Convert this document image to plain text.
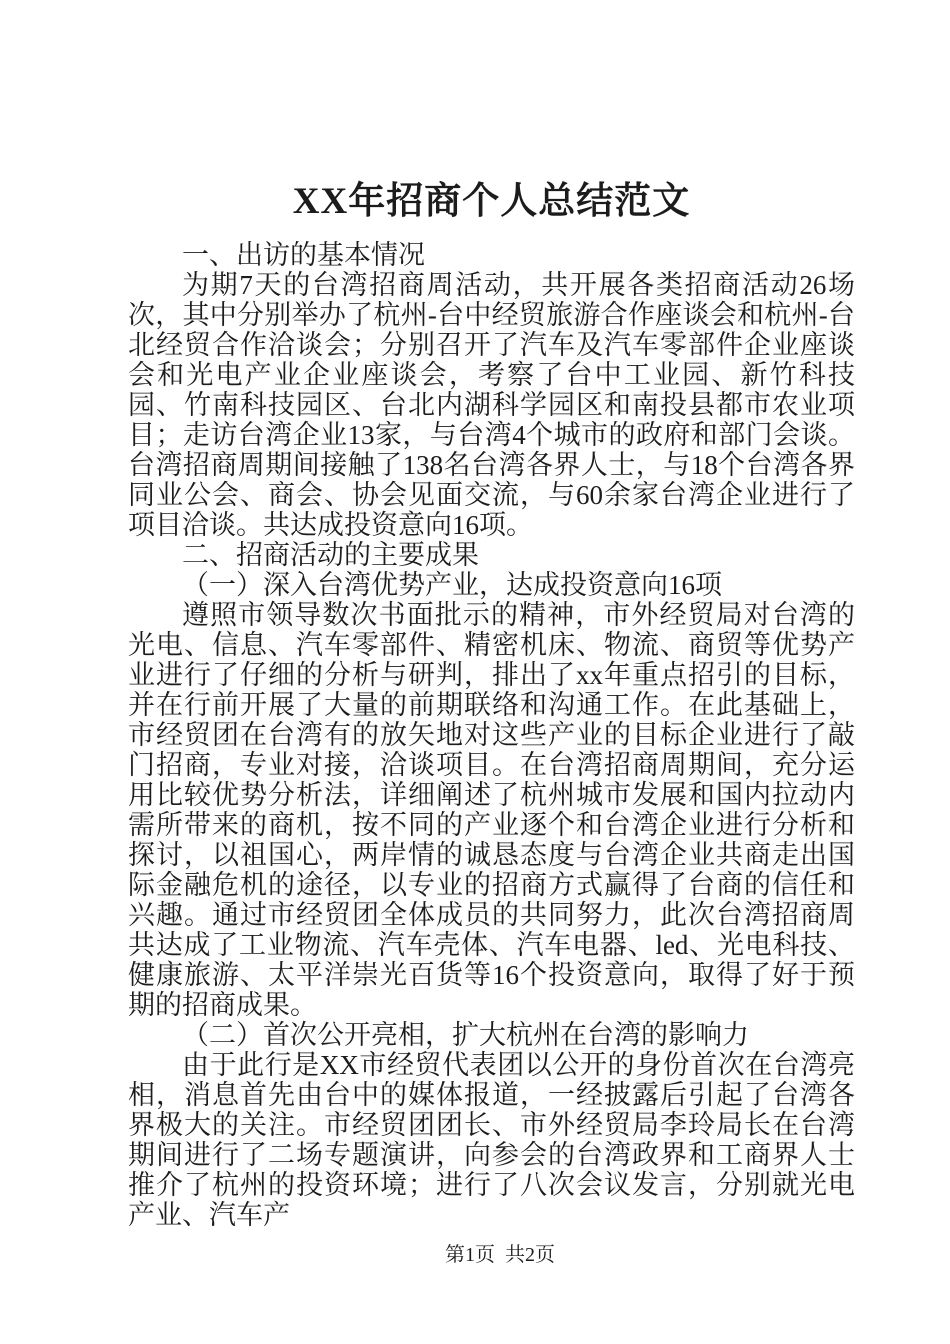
XX年招商个人总结范文

一、出访的基本情况

为期7天的台湾招商周活动，共开展各类招商活动26场次，其中分别举办了杭州-台中经贸旅游合作座谈会和杭州-台北经贸合作洽谈会；分别召开了汽车及汽车零部件企业座谈会和光电产业企业座谈会，考察了台中工业园、新竹科技园、竹南科技园区、台北内湖科学园区和南投县都市农业项目；走访台湾企业13家，与台湾4个城市的政府和部门会谈。台湾招商周期间接触了138名台湾各界人士，与18个台湾各界同业公会、商会、协会见面交流，与60余家台湾企业进行了项目洽谈。共达成投资意向16项。

二、招商活动的主要成果

（一）深入台湾优势产业，达成投资意向16项

遵照市领导数次书面批示的精神，市外经贸局对台湾的光电、信息、汽车零部件、精密机床、物流、商贸等优势产业进行了仔细的分析与研判，排出了xx年重点招引的目标，并在行前开展了大量的前期联络和沟通工作。在此基础上，市经贸团在台湾有的放矢地对这些产业的目标企业进行了敲门招商，专业对接，洽谈项目。在台湾招商周期间，充分运用比较优势分析法，详细阐述了杭州城市发展和国内拉动内需所带来的商机，按不同的产业逐个和台湾企业进行分析和探讨，以祖国心，两岸情的诚恳态度与台湾企业共商走出国际金融危机的途径，以专业的招商方式赢得了台商的信任和兴趣。通过市经贸团全体成员的共同努力，此次台湾招商周共达成了工业物流、汽车壳体、汽车电器、led、光电科技、健康旅游、太平洋崇光百货等16个投资意向，取得了好于预期的招商成果。

（二）首次公开亮相，扩大杭州在台湾的影响力

由于此行是XX市经贸代表团以公开的身份首次在台湾亮相，消息首先由台中的媒体报道，一经披露后引起了台湾各界极大的关注。市经贸团团长、市外经贸局李玲局长在台湾期间进行了二场专题演讲，向参会的台湾政界和工商界人士推介了杭州的投资环境；进行了八次会议发言，分别就光电产业、汽车产

第1页 共2页
